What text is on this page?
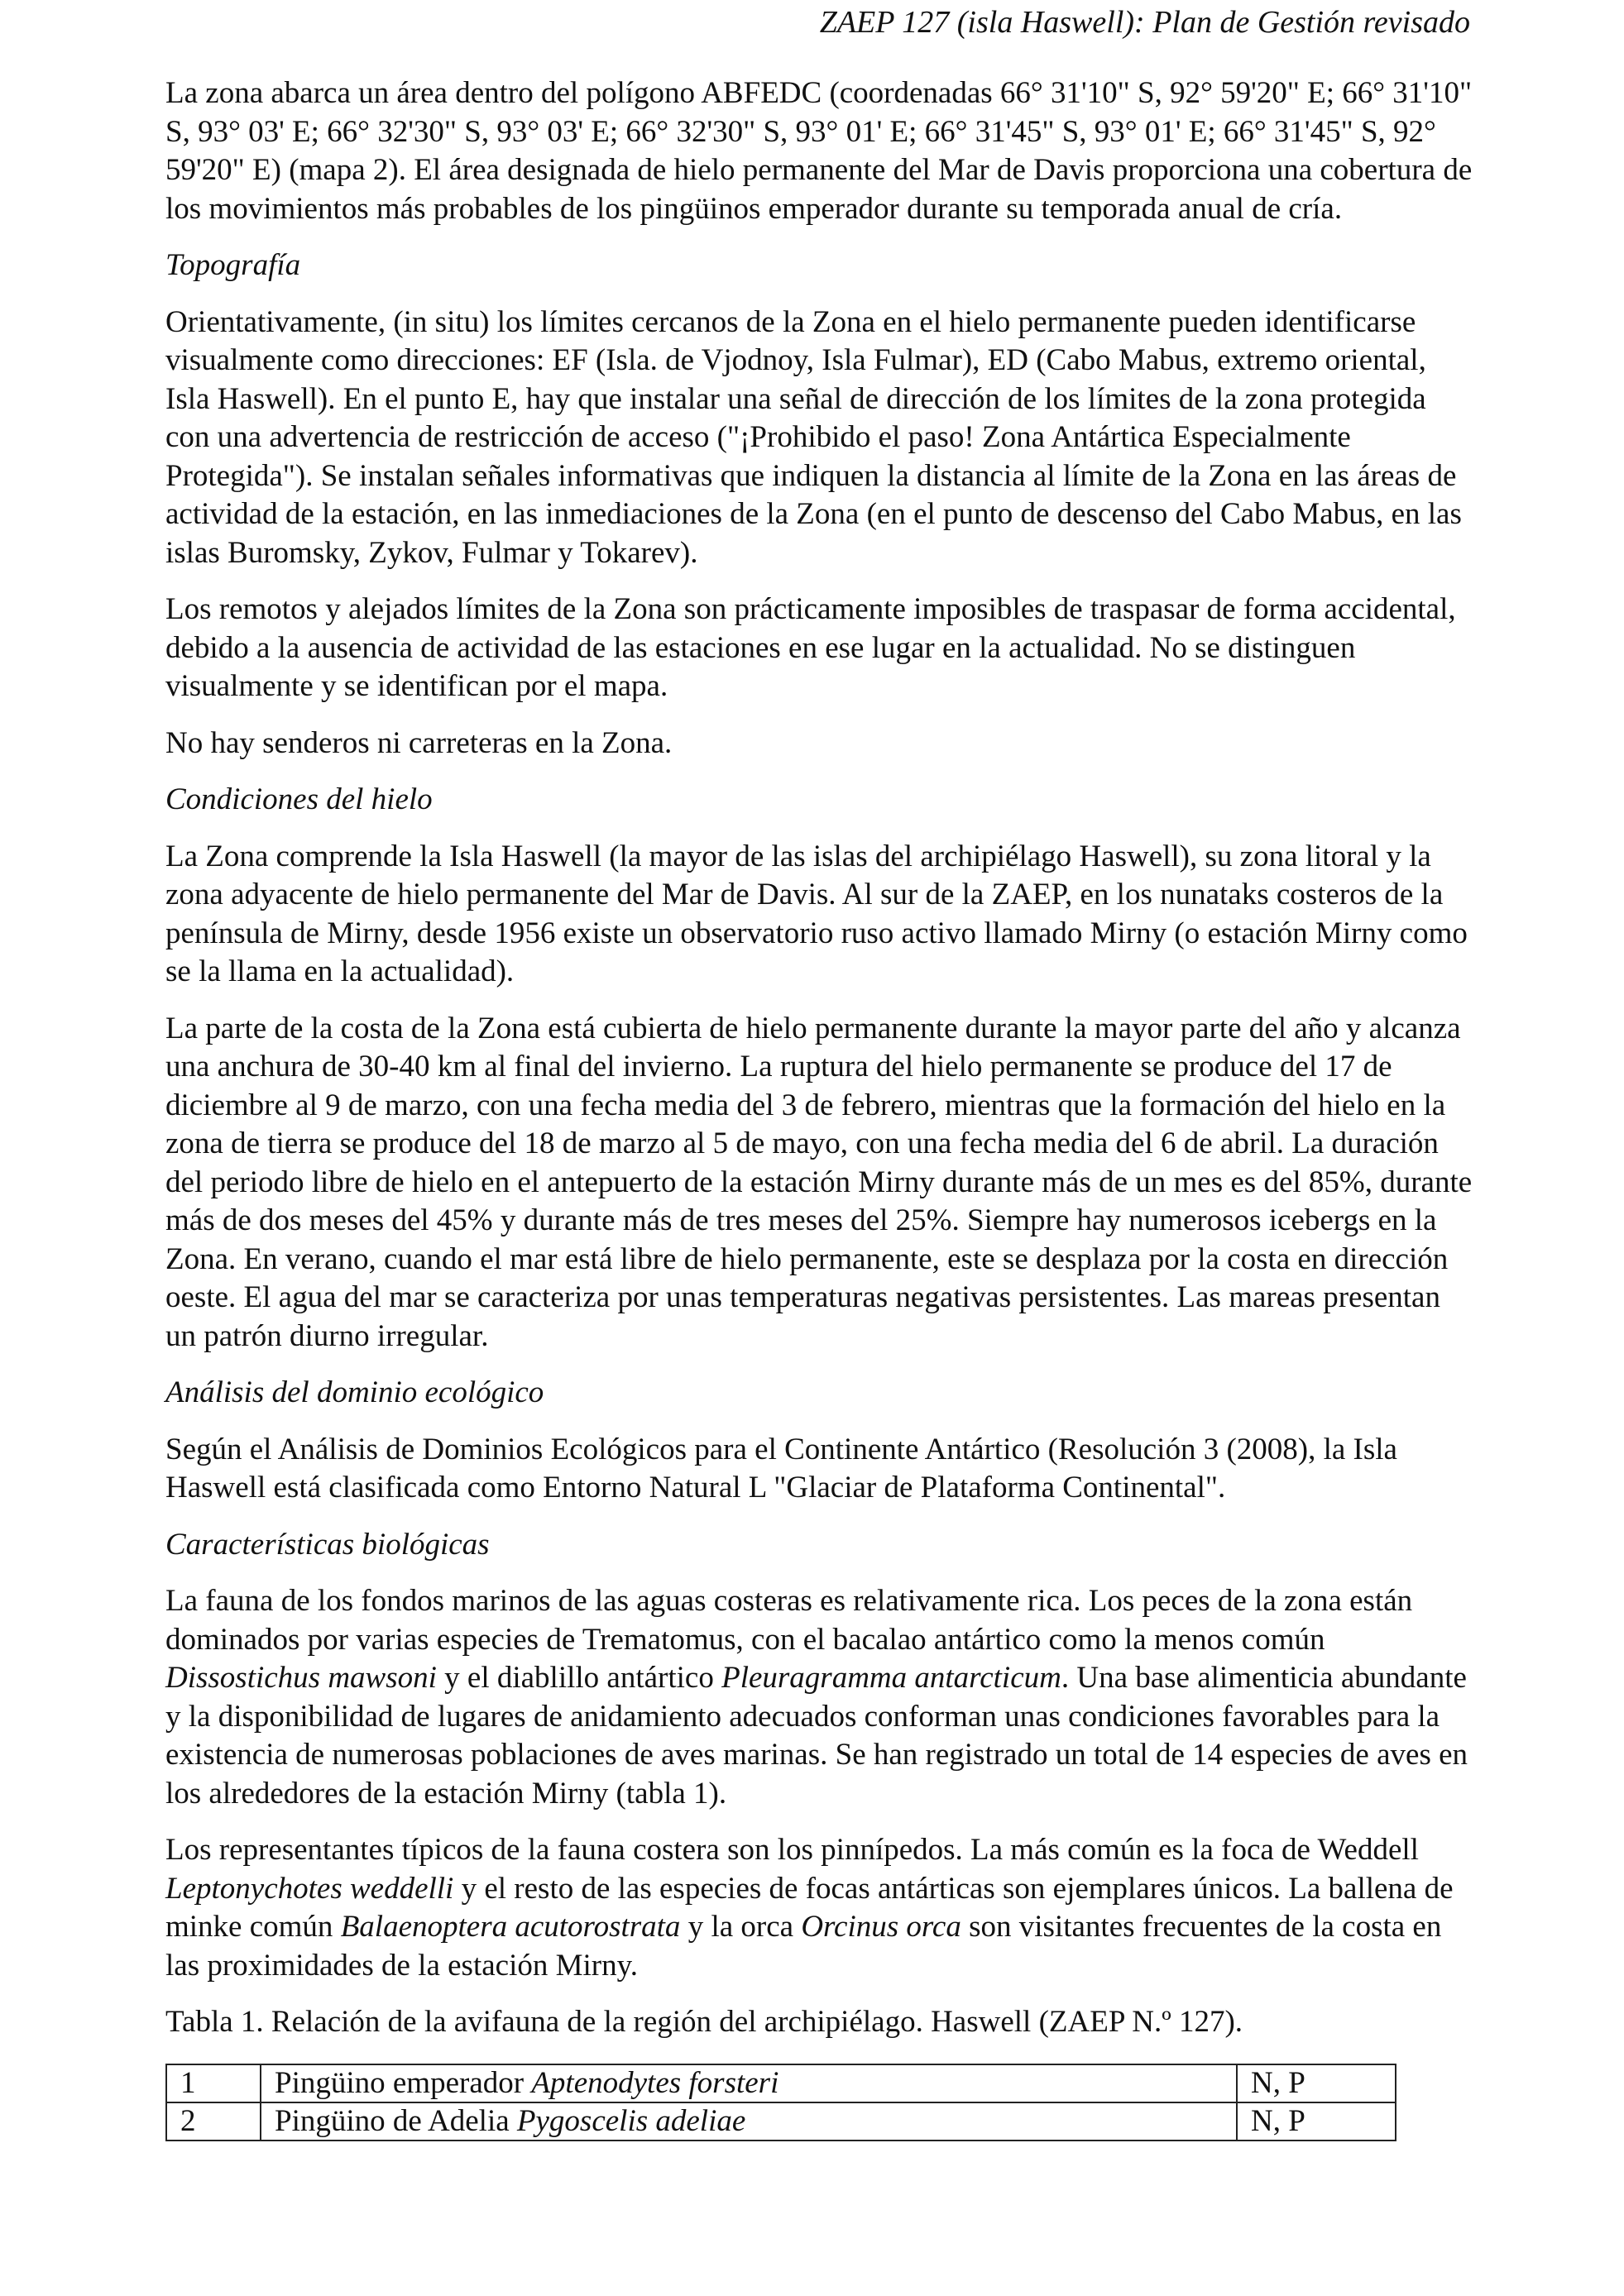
ZAEP 127 (isla Haswell): Plan de Gestión revisado

La zona abarca un área dentro del polígono ABFEDC (coordenadas 66° 31'10" S, 92° 59'20" E; 66° 31'10" S, 93° 03' E; 66° 32'30" S, 93° 03' E; 66° 32'30" S, 93° 01' E; 66° 31'45" S, 93° 01' E; 66° 31'45" S, 92° 59'20" E) (mapa 2). El área designada de hielo permanente del Mar de Davis proporciona una cobertura de los movimientos más probables de los pingüinos emperador durante su temporada anual de cría.

Topografía

Orientativamente, (in situ) los límites cercanos de la Zona en el hielo permanente pueden identificarse visualmente como direcciones: EF (Isla. de Vjodnoy, Isla Fulmar), ED (Cabo Mabus, extremo oriental, Isla Haswell). En el punto E, hay que instalar una señal de dirección de los límites de la zona protegida con una advertencia de restricción de acceso ("¡Prohibido el paso! Zona Antártica Especialmente Protegida"). Se instalan señales informativas que indiquen la distancia al límite de la Zona en las áreas de actividad de la estación, en las inmediaciones de la Zona (en el punto de descenso del Cabo Mabus, en las islas Buromsky, Zykov, Fulmar y Tokarev).

Los remotos y alejados límites de la Zona son prácticamente imposibles de traspasar de forma accidental, debido a la ausencia de actividad de las estaciones en ese lugar en la actualidad. No se distinguen visualmente y se identifican por el mapa.

No hay senderos ni carreteras en la Zona.

Condiciones del hielo

La Zona comprende la Isla Haswell (la mayor de las islas del archipiélago Haswell), su zona litoral y la zona adyacente de hielo permanente del Mar de Davis. Al sur de la ZAEP, en los nunataks costeros de la península de Mirny, desde 1956 existe un observatorio ruso activo llamado Mirny (o estación Mirny como se la llama en la actualidad).

La parte de la costa de la Zona está cubierta de hielo permanente durante la mayor parte del año y alcanza una anchura de 30-40 km al final del invierno. La ruptura del hielo permanente se produce del 17 de diciembre al 9 de marzo, con una fecha media del 3 de febrero, mientras que la formación del hielo en la zona de tierra se produce del 18 de marzo al 5 de mayo, con una fecha media del 6 de abril. La duración del periodo libre de hielo en el antepuerto de la estación Mirny durante más de un mes es del 85%, durante más de dos meses del 45% y durante más de tres meses del 25%. Siempre hay numerosos icebergs en la Zona. En verano, cuando el mar está libre de hielo permanente, este se desplaza por la costa en dirección oeste. El agua del mar se caracteriza por unas temperaturas negativas persistentes. Las mareas presentan un patrón diurno irregular.

Análisis del dominio ecológico

Según el Análisis de Dominios Ecológicos para el Continente Antártico (Resolución 3 (2008), la Isla Haswell está clasificada como Entorno Natural L "Glaciar de Plataforma Continental".

Características biológicas

La fauna de los fondos marinos de las aguas costeras es relativamente rica. Los peces de la zona están dominados por varias especies de Trematomus, con el bacalao antártico como la menos común Dissostichus mawsoni y el diablillo antártico Pleuragramma antarcticum. Una base alimenticia abundante y la disponibilidad de lugares de anidamiento adecuados conforman unas condiciones favorables para la existencia de numerosas poblaciones de aves marinas. Se han registrado un total de 14 especies de aves en los alrededores de la estación Mirny (tabla 1).

Los representantes típicos de la fauna costera son los pinnípedos. La más común es la foca de Weddell Leptonychotes weddelli y el resto de las especies de focas antárticas son ejemplares únicos. La ballena de minke común Balaenoptera acutorostrata y la orca Orcinus orca son visitantes frecuentes de la costa en las proximidades de la estación Mirny.

Tabla 1. Relación de la avifauna de la región del archipiélago. Haswell (ZAEP N.º 127).

1	Pingüino emperador Aptenodytes forsteri	N, P
2	Pingüino de Adelia Pygoscelis adeliae	N, P
